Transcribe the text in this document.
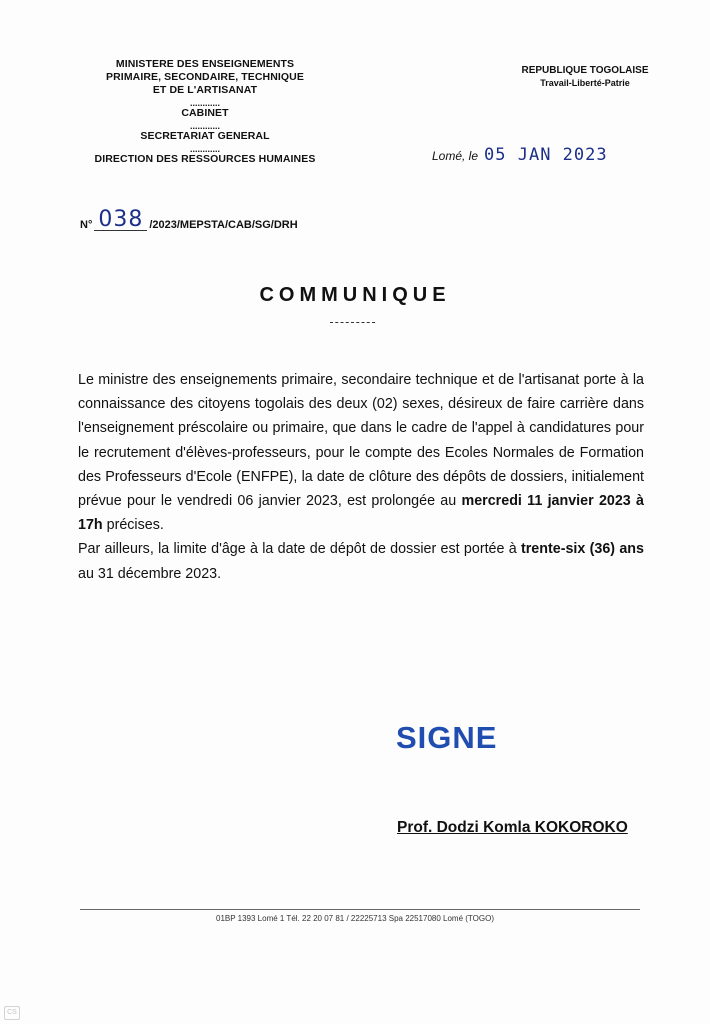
MINISTERE DES ENSEIGNEMENTS
PRIMAIRE, SECONDAIRE, TECHNIQUE
ET DE L'ARTISANAT
............
CABINET
............
SECRETARIAT GENERAL
............
DIRECTION DES RESSOURCES HUMAINES
N° 038 /2023/MEPSTA/CAB/SG/DRH
REPUBLIQUE TOGOLAISE
Travail-Liberté-Patrie
Lomé, le 05 JAN 2023
COMMUNIQUE

Le ministre des enseignements primaire, secondaire technique et de l'artisanat porte à la connaissance des citoyens togolais des deux (02) sexes, désireux de faire carrière dans l'enseignement préscolaire ou primaire, que dans le cadre de l'appel à candidatures pour le recrutement d'élèves-professeurs, pour le compte des Ecoles Normales de Formation des Professeurs d'Ecole (ENFPE), la date de clôture des dépôts de dossiers, initialement prévue pour le vendredi 06 janvier 2023, est prolongée au mercredi 11 janvier 2023 à 17h précises.

Par ailleurs, la limite d'âge à la date de dépôt de dossier est portée à trente-six (36) ans au 31 décembre 2023.

SIGNE
Prof. Dodzi Komla KOKOROKO
01BP 1393 Lomé 1 Tél. 22 20 07 81 / 22225713 Spa 22517080 Lomé (TOGO)
CS
